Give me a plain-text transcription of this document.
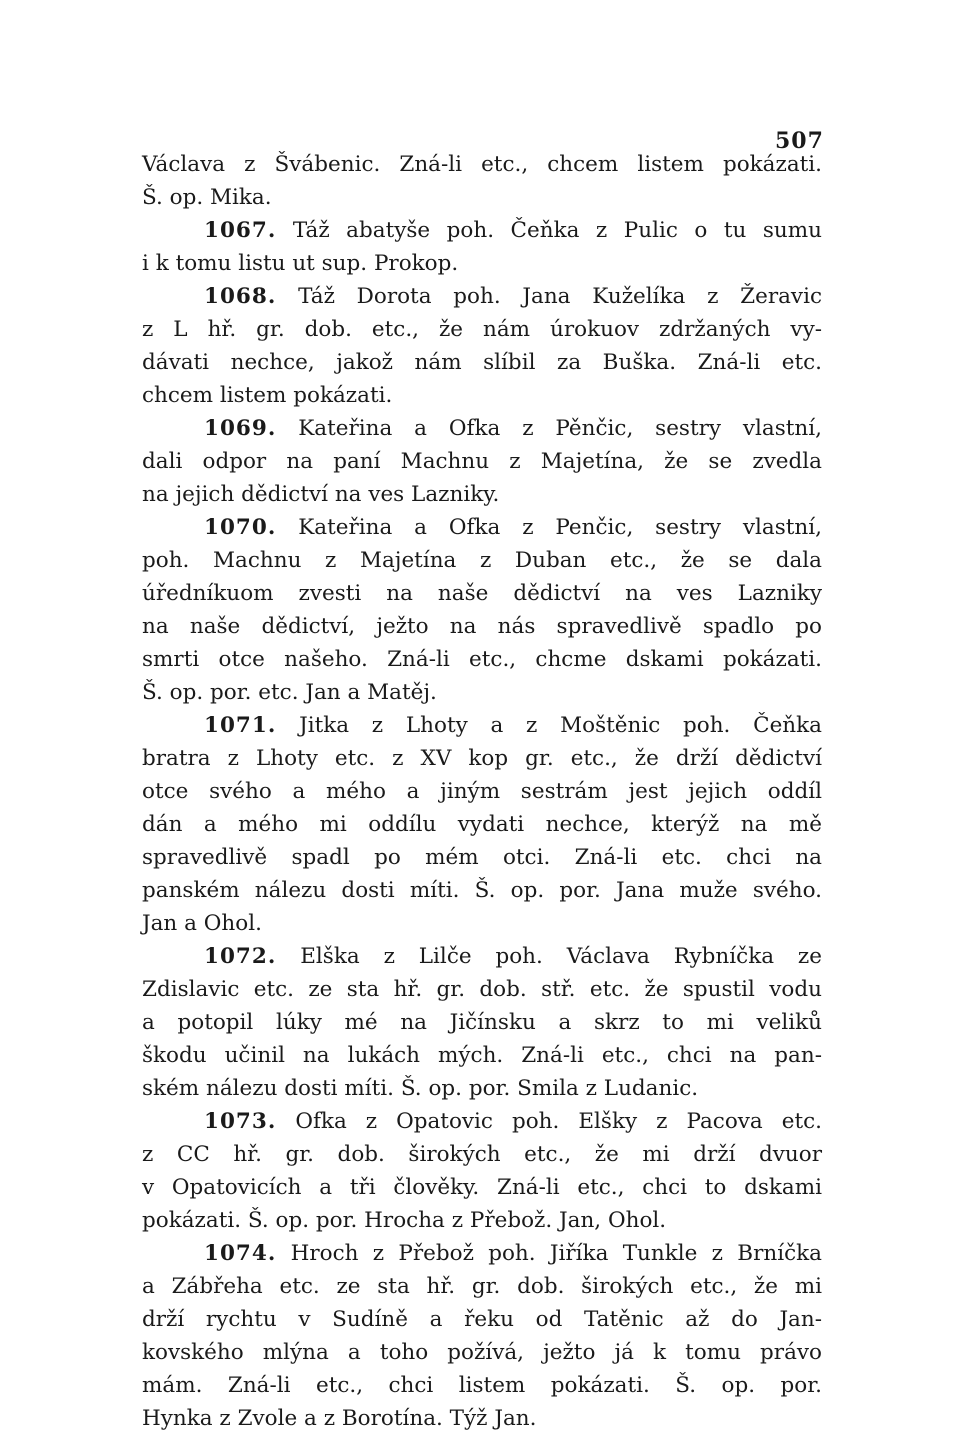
507
Václava z Švábenic. Zná-li etc., chcem listem pokázati.
Š. op. Mika.
1067. Táž abatyše poh. Čeňka z Pulic o tu sumu
i k tomu listu ut sup. Prokop.
1068. Táž Dorota poh. Jana Kuželíka z Žeravic
z L hř. gr. dob. etc., že nám úrokuov zdržaných vy-
dávati nechce, jakož nám slíbil za Buška. Zná-li etc.
chcem listem pokázati.
1069. Kateřina a Ofka z Pěnčic, sestry vlastní,
dali odpor na paní Machnu z Majetína, že se zvedla
na jejich dědictví na ves Lazniky.
1070. Kateřina a Ofka z Penčic, sestry vlastní,
poh. Machnu z Majetína z Duban etc., že se dala
úředníkuom zvesti na naše dědictví na ves Lazniky
na naše dědictví, ježto na nás spravedlivě spadlo po
smrti otce našeho. Zná-li etc., chcme dskami pokázati.
Š. op. por. etc. Jan a Matěj.
1071. Jitka z Lhoty a z Moštěnic poh. Čeňka
bratra z Lhoty etc. z XV kop gr. etc., že drží dědictví
otce svého a mého a jiným sestrám jest jejich oddíl
dán a mého mi oddílu vydati nechce, kterýž na mě
spravedlivě spadl po mém otci. Zná-li etc. chci na
panském nálezu dosti míti. Š. op. por. Jana muže svého.
Jan a Ohol.
1072. Elška z Lilče poh. Václava Rybníčka ze
Zdislavic etc. ze sta hř. gr. dob. stř. etc. že spustil vodu
a potopil lúky mé na Jičínsku a skrz to mi veliků
škodu učinil na lukách mých. Zná-li etc., chci na pan-
ském nálezu dosti míti. Š. op. por. Smila z Ludanic.
1073. Ofka z Opatovic poh. Elšky z Pacova etc.
z CC hř. gr. dob. širokých etc., že mi drží dvuor
v Opatovicích a tři člověky. Zná-li etc., chci to dskami
pokázati. Š. op. por. Hrocha z Přebož. Jan, Ohol.
1074. Hroch z Přebož poh. Jiříka Tunkle z Brníčka
a Zábřeha etc. ze sta hř. gr. dob. širokých etc., že mi
drží rychtu v Sudíně a řeku od Tatěnic až do Jan-
kovského mlýna a toho požívá, ježto já k tomu právo
mám. Zná-li etc., chci listem pokázati. Š. op. por.
Hynka z Zvole a z Borotína. Týž Jan.
